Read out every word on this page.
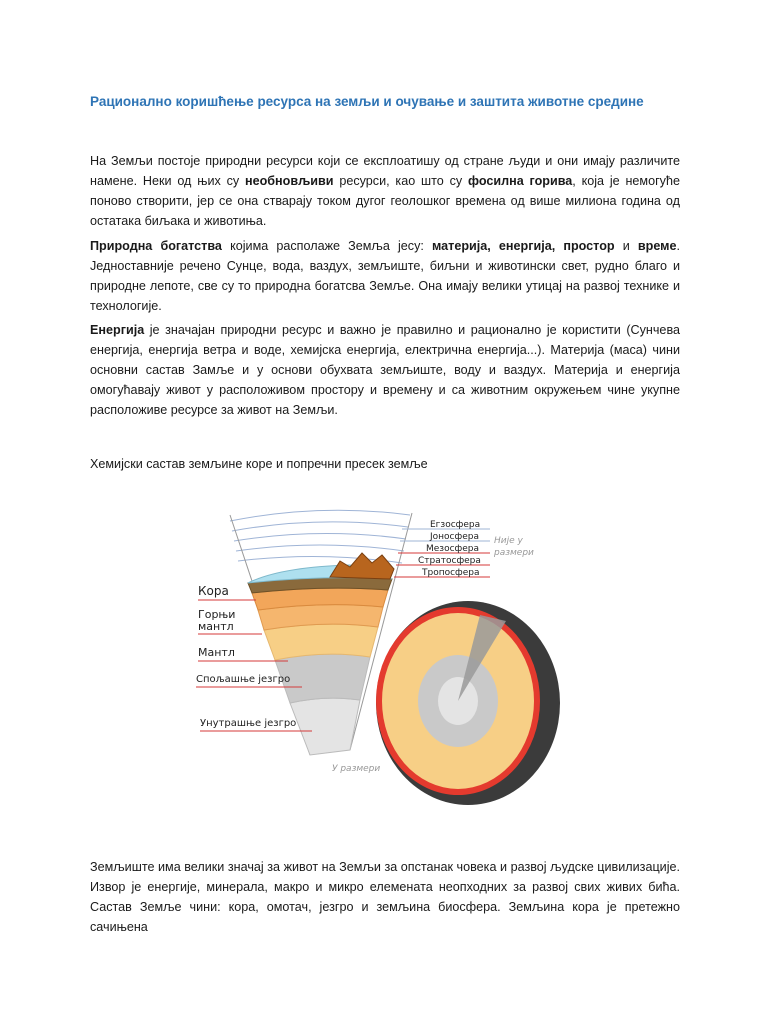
Рационално коришћење ресурса на земљи и очување и заштита животне средине
На Земљи постоје природни ресурси који се експлоатишу од стране људи и они имају различите намене. Неки од њих су необновљиви ресурси, као што су фосилна горива, која је немогуће поново створити, јер се она стварају током дугог геолошког времена од више милиона година од остатака биљака и животиња.
Природна богатства којима располаже Земља јесу: материја, енергија, простор и време. Једноставније речено Сунце, вода, ваздух, земљиште, биљни и животински свет, рудно благо и природне лепоте, све су то природна богатсва Земље. Она имају велики утицај на развој технике и технологије.
Енергија је значајан природни ресурс и важно је правилно и рационално је користити (Сунчева енергија, енергија ветра и воде, хемијска енергија, електрична енергија...). Материја (маса) чини основни састав Замље и у основи обухвата земљиште, воду и ваздух. Материја и енергија омогућавају живот у расположивом простору и времену и са животним окружењем чине укупне расположиве ресурсе за живот на Земљи.
Хемијски састав земљине коре и попречни пресек земље
Егзосфера
Јоносфера
Мезосфера
Стратосфера
Тропосфера
Није у
размери
Кора
Горњи
мантл
Мантл
Спољашње језгро
Унутрашње језгро
У размери
Земљиште има велики значај за живот на Земљи за опстанак човека и развој људске цивилизације. Извор је енергије, минерала, макро и микро елемената неопходних за развој свих живих бића. Састав Земље чини: кора, омотач, језгро и земљина биосфера. Земљина кора је претежно сачињена
